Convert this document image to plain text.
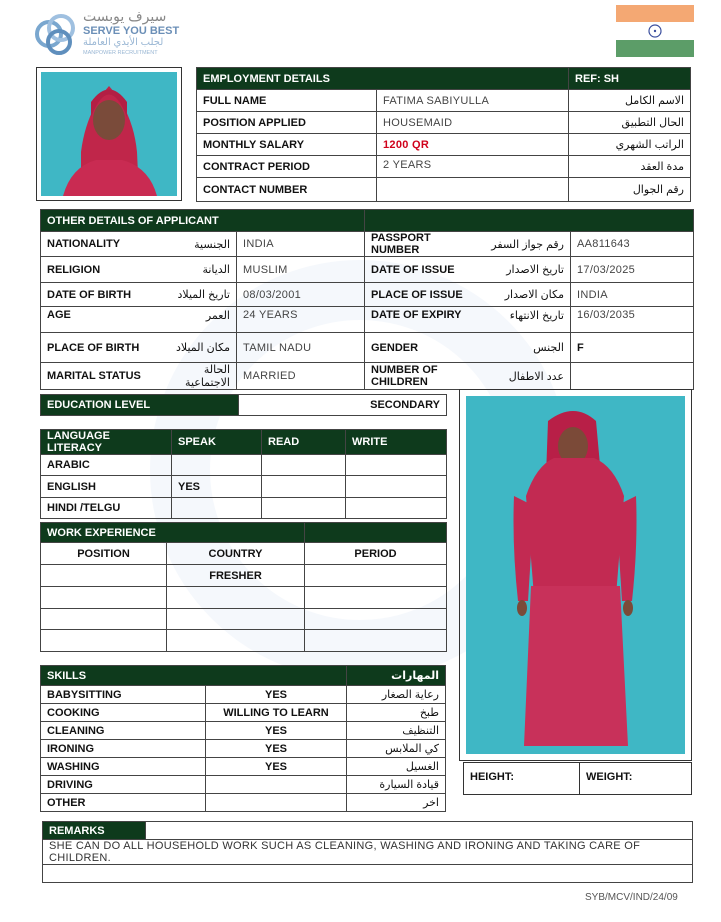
سيرف يوبست
SERVE YOU BEST
لجلب الأيدي العاملة
MANPOWER RECRUITMENT
EMPLOYMENT DETAILS		REF: SH
FULL NAME	FATIMA SABIYULLA	الاسم الكامل
POSITION APPLIED	HOUSEMAID	الحال التطبيق
MONTHLY SALARY	1200 QR	الراتب الشهري
CONTRACT PERIOD	2 YEARS	مدة العقد
CONTACT NUMBER		رقم الجوال
OTHER DETAILS OF APPLICANT					
NATIONALITY	الجنسية	INDIA	PASSPORT NUMBER	رقم جواز السفر	AA811643
RELIGION	الديانة	MUSLIM	DATE OF ISSUE	تاريخ الاصدار	17/03/2025
DATE OF BIRTH	تاريخ الميلاد	08/03/2001	PLACE OF ISSUE	مكان الاصدار	INDIA
AGE	العمر	24 YEARS	DATE OF EXPIRY	تاريخ الانتهاء	16/03/2035
PLACE OF BIRTH	مكان الميلاد	TAMIL NADU	GENDER	الجنس	F
MARITAL STATUS	الحالة الاجتماعية	MARRIED	NUMBER OF CHILDREN	عدد الاطفال	
EDUCATION LEVEL	SECONDARY
LANGUAGE LITERACY	SPEAK	READ	WRITE
ARABIC			
ENGLISH	YES		
HINDI /TELGU			
WORK EXPERIENCE		
POSITION	COUNTRY	PERIOD
	FRESHER	

SKILLS		المهارات
BABYSITTING	YES	رعاية الصغار
COOKING	WILLING TO LEARN	طبخ
CLEANING	YES	التنظيف
IRONING	YES	كي الملابس
WASHING	YES	الغسيل
DRIVING		قيادة السيارة
OTHER		اخر
HEIGHT:	WEIGHT:
REMARKS	
SHE CAN DO ALL HOUSEHOLD WORK SUCH AS CLEANING, WASHING AND IRONING AND TAKING CARE OF CHILDREN.

SYB/MCV/IND/24/09
